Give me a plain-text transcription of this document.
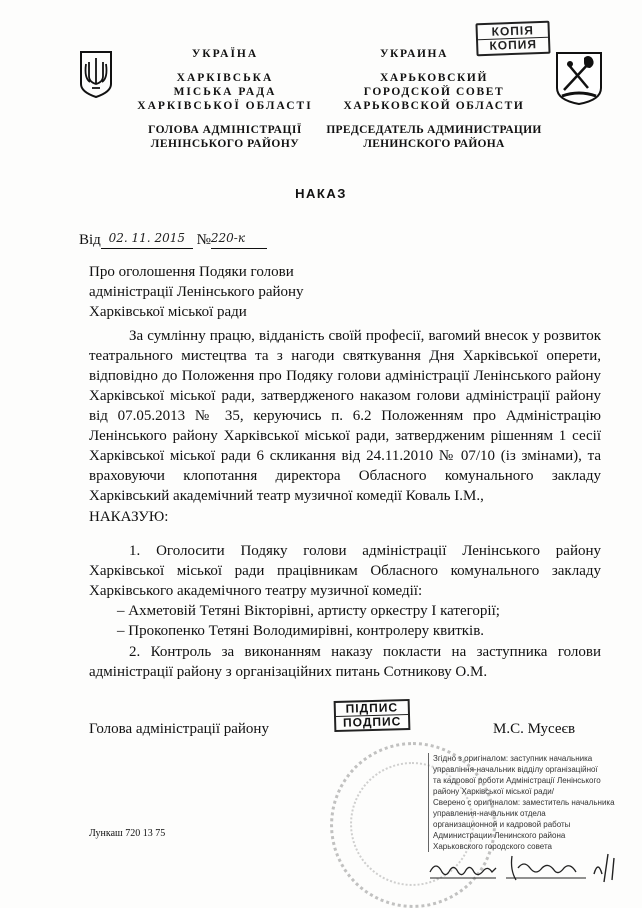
УКРАЇНА
ХАРКІВСЬКА
МІСЬКА РАДА
ХАРКІВСЬКОЇ ОБЛАСТІ
ГОЛОВА АДМІНІСТРАЦІЇ
ЛЕНІНСЬКОГО РАЙОНУ
УКРАИНА
ХАРЬКОВСКИЙ
ГОРОДСКОЙ СОВЕТ
ХАРЬКОВСКОЙ ОБЛАСТИ
ПРЕДСЕДАТЕЛЬ АДМИНИСТРАЦИИ
ЛЕНИНСКОГО РАЙОНА
КОПІЯ
КОПИЯ
НАКАЗ
Від 02. 11. 2015 №220-к
Про оголошення Подяки голови
адміністрації Ленінського району
Харківської міської ради
За сумлінну працю, відданість своїй професії, вагомий внесок у розвиток
театрального мистецтва та з нагоди святкування Дня Харківської оперети,
відповідно до Положення про Подяку голови адміністрації Ленінського району
Харківської міської ради, затвердженого наказом голови адміністрації району
від 07.05.2013 № 35, керуючись п. 6.2 Положенням про Адміністрацію
Ленінського району Харківської міської ради, затвердженим рішенням 1 сесії
Харківської міської ради 6 скликання від 24.11.2010 № 07/10 (із змінами), та
враховуючи клопотання директора Обласного комунального закладу
Харківський академічний театр музичної комедії Коваль І.М.,
НАКАЗУЮ:
1. Оголосити Подяку голови адміністрації Ленінського району
Харківської міської ради працівникам Обласного комунального закладу
Харківського академічного театру музичної комедії:
– Ахметовій Тетяні Вікторівні, артисту оркестру І категорії;
– Прокопенко Тетяні Володимирівні, контролеру квитків.
2. Контроль за виконанням наказу покласти на заступника голови
адміністрації району з організаційних питань Сотникову О.М.
ПІДПИС
ПОДПИС
Голова адміністрації району	М.С. Мусеєв
Згідно з оригіналом: заступник начальника
управління-начальник відділу організаційної
та кадрової роботи Адміністрації Ленінського
району Харківської міської ради/
Сверено с оригиналом: заместитель начальника
управления-начальник отдела
организационной и кадровой работы
Администрации Ленинского района
Харьковского городского совета
Лункаш 720 13 75
